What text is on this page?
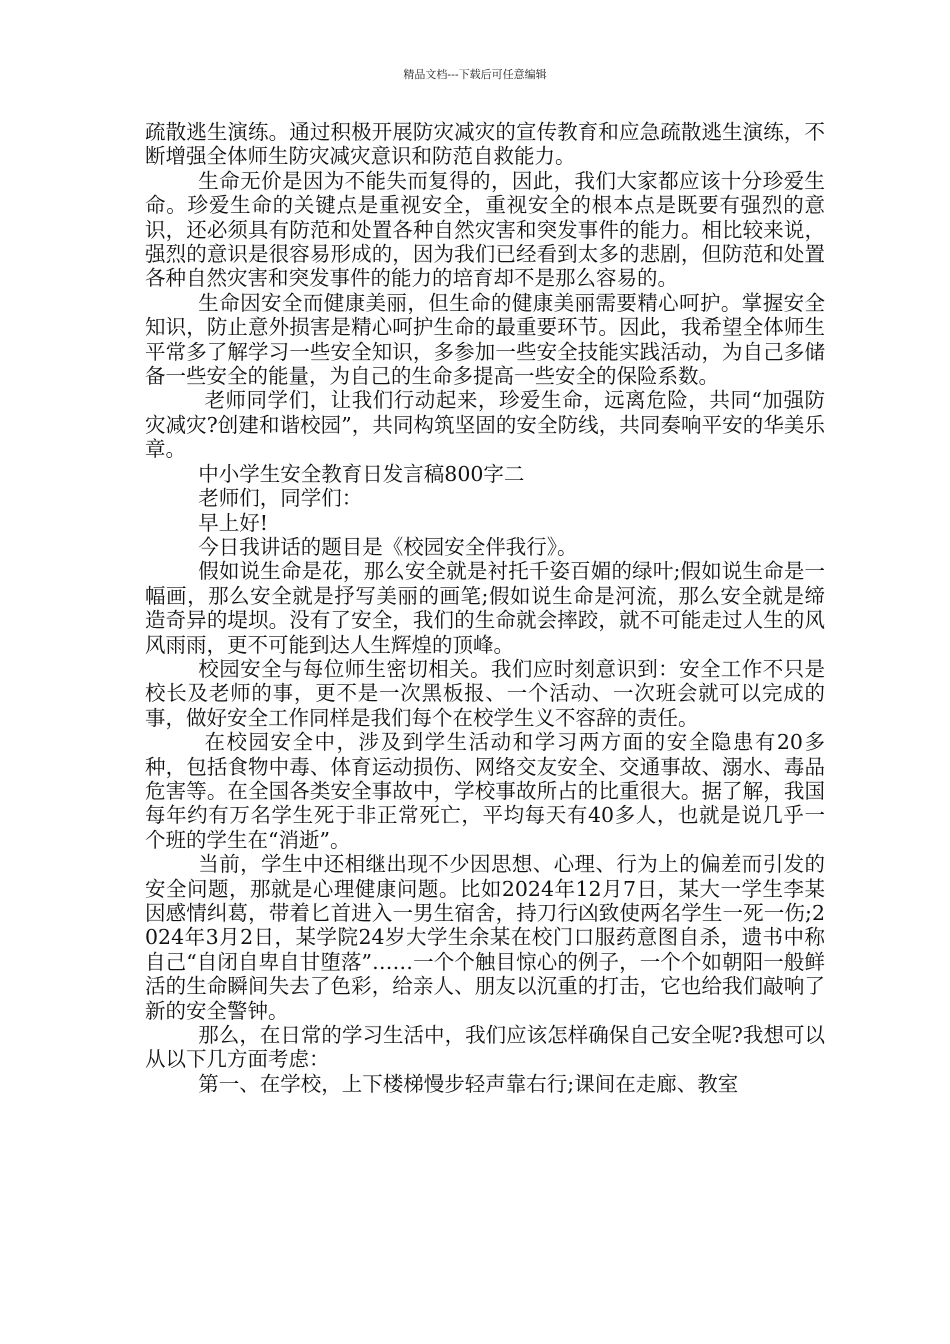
精品文档---下载后可任意编辑

疏散逃生演练。通过积极开展防灾减灾的宣传教育和应急疏散逃生演练，不断增强全体师生防灾减灾意识和防范自救能力。

生命无价是因为不能失而复得的，因此，我们大家都应该十分珍爱生命。珍爱生命的关键点是重视安全，重视安全的根本点是既要有强烈的意识，还必须具有防范和处置各种自然灾害和突发事件的能力。相比较来说，强烈的意识是很容易形成的，因为我们已经看到太多的悲剧，但防范和处置各种自然灾害和突发事件的能力的培育却不是那么容易的。

生命因安全而健康美丽，但生命的健康美丽需要精心呵护。掌握安全知识，防止意外损害是精心呵护生命的最重要环节。因此，我希望全体师生平常多了解学习一些安全知识，多参加一些安全技能实践活动，为自己多储备一些安全的能量，为自己的生命多提高一些安全的保险系数。

老师同学们，让我们行动起来，珍爱生命，远离危险，共同“加强防灾减灾?创建和谐校园”，共同构筑坚固的安全防线，共同奏响平安的华美乐章。

中小学生安全教育日发言稿800字二

老师们，同学们：

早上好!

今日我讲话的题目是《校园安全伴我行》。

假如说生命是花，那么安全就是衬托千姿百媚的绿叶;假如说生命是一幅画，那么安全就是抒写美丽的画笔;假如说生命是河流，那么安全就是缔造奇异的堤坝。没有了安全，我们的生命就会摔跤，就不可能走过人生的风风雨雨，更不可能到达人生辉煌的顶峰。

校园安全与每位师生密切相关。我们应时刻意识到：安全工作不只是校长及老师的事，更不是一次黑板报、一个活动、一次班会就可以完成的事，做好安全工作同样是我们每个在校学生义不容辞的责任。

在校园安全中，涉及到学生活动和学习两方面的安全隐患有20多种，包括食物中毒、体育运动损伤、网络交友安全、交通事故、溺水、毒品危害等。在全国各类安全事故中，学校事故所占的比重很大。据了解，我国每年约有万名学生死于非正常死亡，平均每天有40多人，也就是说几乎一个班的学生在“消逝”。

当前，学生中还相继出现不少因思想、心理、行为上的偏差而引发的安全问题，那就是心理健康问题。比如2024年12月7日，某大一学生李某因感情纠葛，带着匕首进入一男生宿舍，持刀行凶致使两名学生一死一伤;2024年3月2日，某学院24岁大学生余某在校门口服药意图自杀，遗书中称自己“自闭自卑自甘堕落”……一个个触目惊心的例子，一个个如朝阳一般鲜活的生命瞬间失去了色彩，给亲人、朋友以沉重的打击，它也给我们敲响了新的安全警钟。

那么，在日常的学习生活中，我们应该怎样确保自己安全呢?我想可以从以下几方面考虑：

第一、在学校，上下楼梯慢步轻声靠右行;课间在走廊、教室
